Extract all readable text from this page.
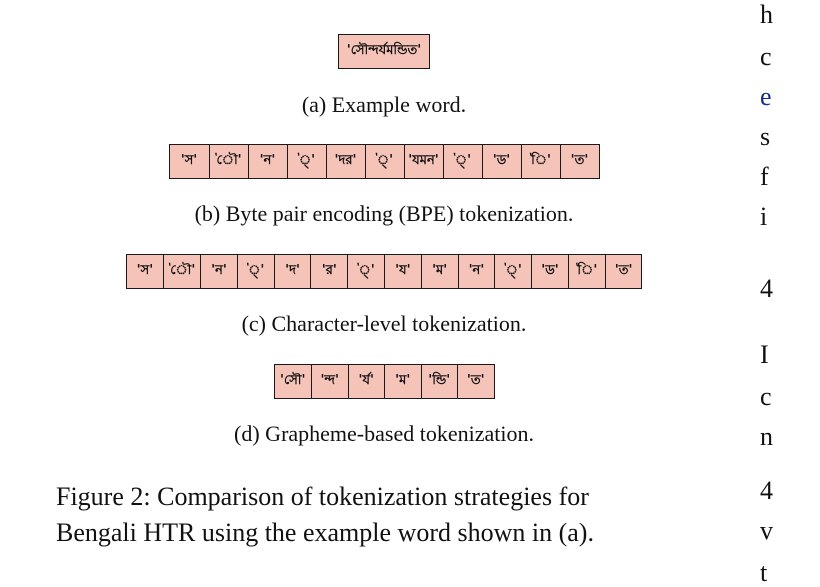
'সৌন্দর্যমন্ডিত'
(a) Example word.
'স'	'ৌ'	'ন'	'্'	'দর'	'্'	'যমন'	'্'	'ড'	'ি'	'ত'
(b) Byte pair encoding (BPE) tokenization.
'স'	'ৌ'	'ন'	'্'	'দ'	'র'	'্'	'য'	'ম'	'ন'	'্'	'ড'	'ি'	'ত'
(c) Character-level tokenization.
'সৌ'	'ন্দ'	'র্য'	'ম'	'ন্ডি'	'ত'
(d) Grapheme-based tokenization.
Figure 2: Comparison of tokenization strategies for
Bengali HTR using the example word shown in (a).
h
c
e
s
f
i
4
I
c
n
4
v
t
